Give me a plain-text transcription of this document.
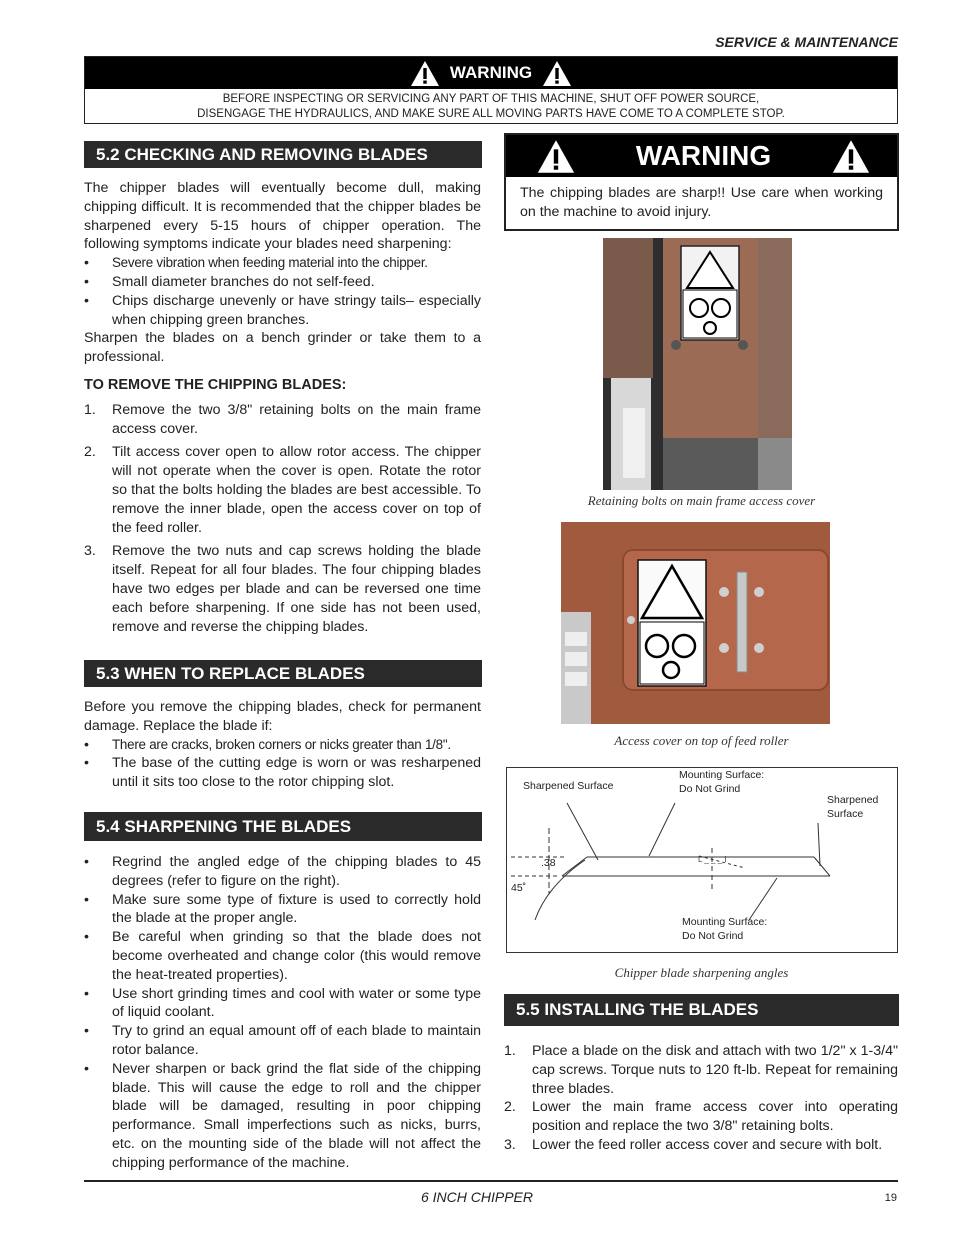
SERVICE & MAINTENANCE
WARNING
BEFORE INSPECTING OR SERVICING ANY PART OF THIS MACHINE, SHUT OFF POWER SOURCE,
DISENGAGE THE HYDRAULICS, AND MAKE SURE ALL MOVING PARTS HAVE COME TO A COMPLETE STOP.
5.2 CHECKING AND REMOVING BLADES

The chipper blades will eventually become dull, making chipping difficult. It is recommended that the chipper blades be sharpened every 5-15 hours of chipper operation. The following symptoms indicate your blades need sharpening:

• Severe vibration when feeding material into the chipper.
• Small diameter branches do not self-feed.
• Chips discharge unevenly or have stringy tails– especially when chipping green branches.

Sharpen the blades on a bench grinder or take them to a professional.

TO REMOVE THE CHIPPING BLADES:

1. Remove the two 3/8" retaining bolts on the main frame access cover.
2. Tilt access cover open to allow rotor access. The chipper will not operate when the cover is open. Rotate the rotor so that the bolts holding the blades are best accessible. To remove the inner blade, open the access cover on top of the feed roller.
3. Remove the two nuts and cap screws holding the blade itself. Repeat for all four blades. The four chipping blades have two edges per blade and can be reversed one time each before sharpening. If one side has not been used, remove and reverse the chipping blades.
5.3 WHEN TO REPLACE BLADES

Before you remove the chipping blades, check for permanent damage. Replace the blade if:

• There are cracks, broken corners or nicks greater than 1/8".
• The base of the cutting edge is worn or was resharpened until it sits too close to the rotor chipping slot.
5.4 SHARPENING THE BLADES
• Regrind the angled edge of the chipping blades to 45 degrees (refer to figure on the right).
• Make sure some type of fixture is used to correctly hold the blade at the proper angle.
• Be careful when grinding so that the blade does not become overheated and change color (this would remove the heat-treated properties).
• Use short grinding times and cool with water or some type of liquid coolant.
• Try to grind an equal amount off of each blade to maintain rotor balance.
• Never sharpen or back grind the flat side of the chipping blade. This will cause the edge to roll and the chipper blade will be damaged, resulting in poor chipping performance. Small imperfections such as nicks, burrs, etc. on the mounting side of the blade will not affect the chipping performance of the machine.
WARNING
The chipping blades are sharp!! Use care when working on the machine to avoid injury.
Retaining bolts on main frame access cover
Access cover on top of feed roller
L _ _ _ I
Sharpened Surface
Mounting Surface:
Do Not Grind
Sharpened
Surface
Mounting Surface:
Do Not Grind
.38
45˚
Chipper blade sharpening angles
5.5 INSTALLING THE BLADES
1. Place a blade on the disk and attach with two 1/2" x 1-3/4" cap screws. Torque nuts to 120 ft-lb. Repeat for remaining three blades.
2. Lower the main frame access cover into operating position and replace the two 3/8" retaining bolts.
3. Lower the feed roller access cover and secure with bolt.
6 INCH CHIPPER	19
